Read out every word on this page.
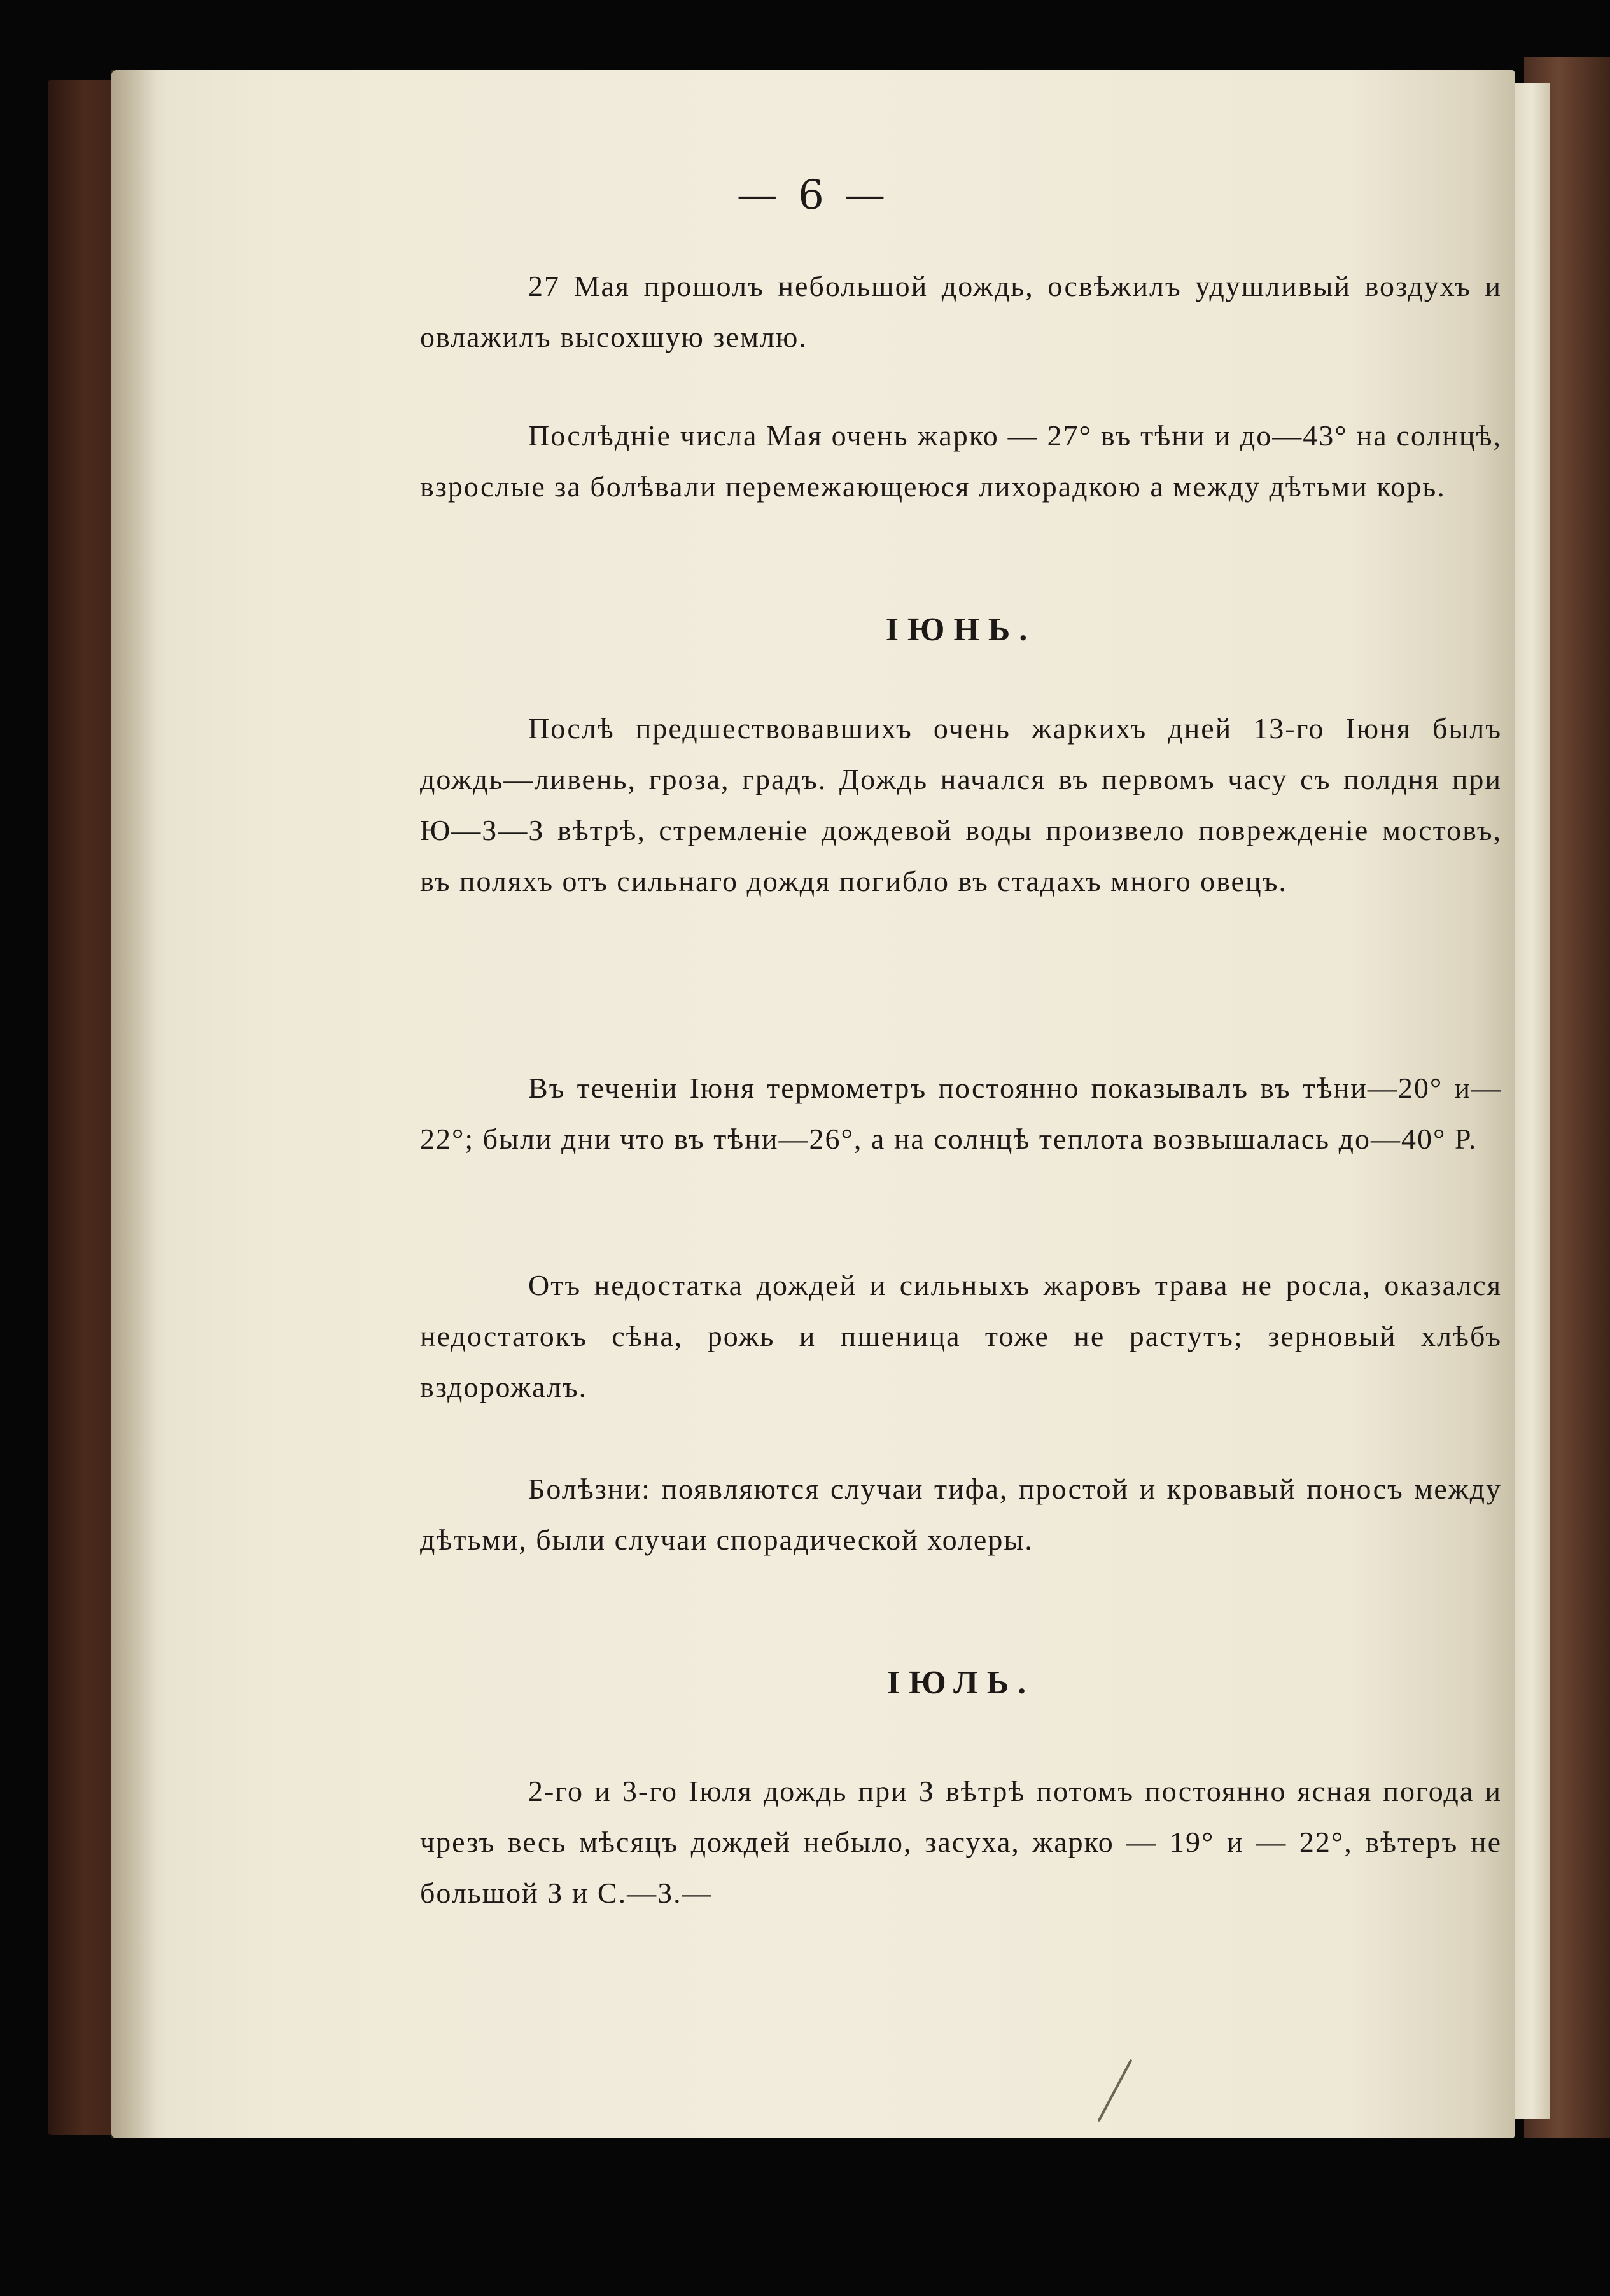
— 6 —

27 Мая прошолъ небольшой дождь, освѣжилъ удушливый воздухъ и овлажилъ высохшую землю.

Послѣдніе числа Мая очень жарко — 27° въ тѣни и до—43° на солнцѣ, взрослые за болѣвали перемежающеюся лихорадкою а между дѣтьми корь.

ІЮНЬ.

Послѣ предшествовавшихъ очень жаркихъ дней 13-го Іюня былъ дождь—ливень, гроза, градъ. Дождь начался въ первомъ часу съ полдня при Ю—З—З вѣтрѣ, стремленіе дождевой воды произвело поврежденіе мостовъ, въ поляхъ отъ сильнаго дождя погибло въ стадахъ много овецъ.

Въ теченіи Іюня термометръ постоянно показывалъ въ тѣни—20° и—22°; были дни что въ тѣни—26°, а на солнцѣ теплота возвышалась до—40° Р.

Отъ недостатка дождей и сильныхъ жаровъ трава не росла, оказался недостатокъ сѣна, рожь и пшеница тоже не растутъ; зерновый хлѣбъ вздорожалъ.

Болѣзни: появляются случаи тифа, простой и кровавый поносъ между дѣтьми, были случаи спорадической холеры.

ІЮЛЬ.

2-го и 3-го Іюля дождь при З вѣтрѣ потомъ постоянно ясная погода и чрезъ весь мѣсяцъ дождей небыло, засуха, жарко — 19° и — 22°, вѣтеръ не большой З и С.—З.—
